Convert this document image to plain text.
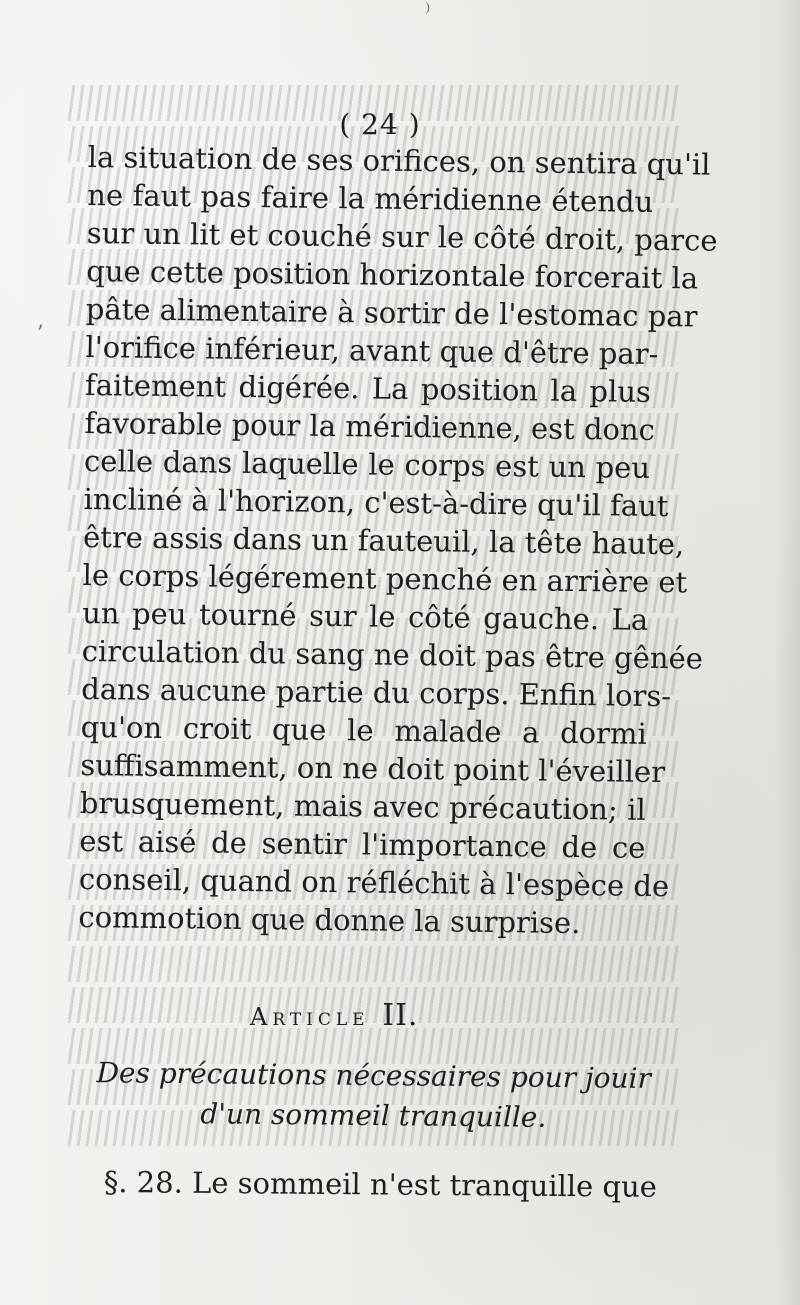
⁾
ʼ
( 24 )
la situation de ses orifices, on sentira qu'il
ne faut pas faire la méridienne étendu
sur un lit et couché sur le côté droit, parce
que cette position horizontale forcerait la
pâte alimentaire à sortir de l'estomac par
l'orifice inférieur, avant que d'être par-
faitement digérée. La position la plus
favorable pour la méridienne, est donc
celle dans laquelle le corps est un peu
incliné à l'horizon, c'est-à-dire qu'il faut
être assis dans un fauteuil, la tête haute,
le corps légérement penché en arrière et
un peu tourné sur le côté gauche. La
circulation du sang ne doit pas être gênée
dans aucune partie du corps. Enfin lors-
qu'on croit que le malade a dormi
suffisamment, on ne doit point l'éveiller
brusquement, mais avec précaution; il
est aisé de sentir l'importance de ce
conseil, quand on réfléchit à l'espèce de
commotion que donne la surprise.
Article II.
Des précautions nécessaires pour jouir
d'un sommeil tranquille.
§. 28. Le sommeil n'est tranquille que
